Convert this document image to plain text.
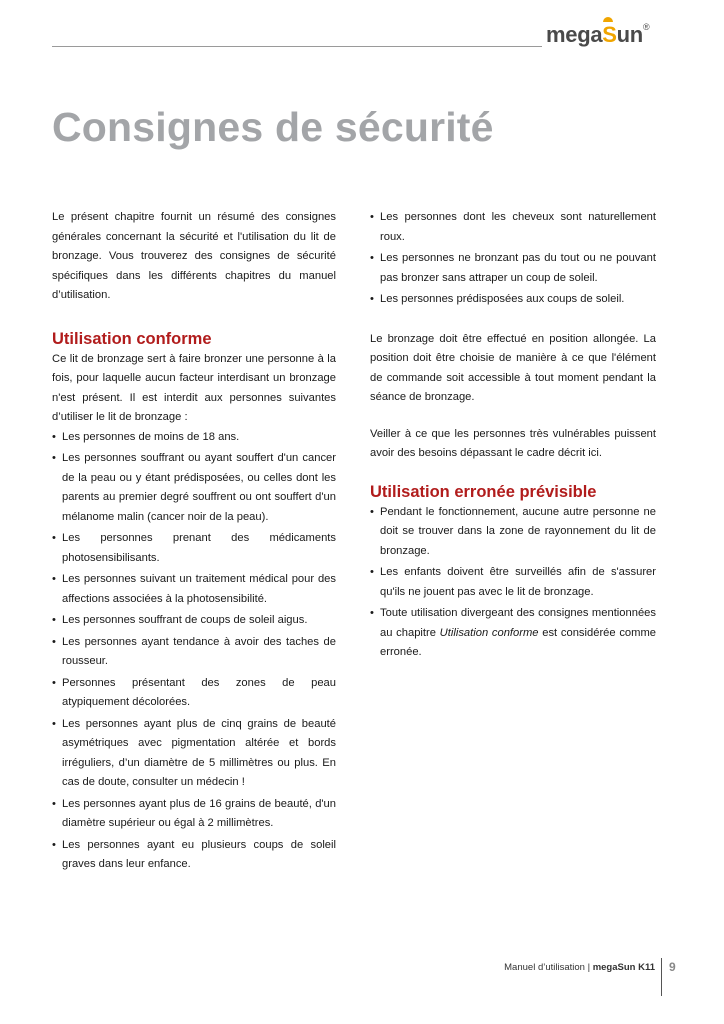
megaSun®
Consignes de sécurité

Le présent chapitre fournit un résumé des consignes générales concernant la sécurité et l'utilisation du lit de bronzage. Vous trouverez des consignes de sécurité spécifiques dans les différents chapitres du manuel d’utilisation.

Utilisation conforme

Ce lit de bronzage sert à faire bronzer une personne à la fois, pour laquelle aucun facteur interdisant un bronzage n'est présent. Il est interdit aux personnes suivantes d’utiliser le lit de bronzage :

• Les personnes de moins de 18 ans.
• Les personnes souffrant ou ayant souffert d'un cancer de la peau ou y étant prédisposées, ou celles dont les parents au premier degré souffrent ou ont souffert d'un mélanome malin (cancer noir de la peau).
• Les personnes prenant des médicaments photosensibilisants.
• Les personnes suivant un traitement médical pour des affections associées à la photosensibilité.
• Les personnes souffrant de coups de soleil aigus.
• Les personnes ayant tendance à avoir des taches de rousseur.
• Personnes présentant des zones de peau atypiquement décolorées.
• Les personnes ayant plus de cinq grains de beauté asymétriques avec pigmentation altérée et bords irréguliers, d’un diamètre de 5 millimètres ou plus. En cas de doute, consulter un médecin !
• Les personnes ayant plus de 16 grains de beauté, d'un diamètre supérieur ou égal à 2 millimètres.
• Les personnes ayant eu plusieurs coups de soleil graves dans leur enfance.
• Les personnes dont les cheveux sont naturellement roux.
• Les personnes ne bronzant pas du tout ou ne pouvant pas bronzer sans attraper un coup de soleil.
• Les personnes prédisposées aux coups de soleil.

Le bronzage doit être effectué en position allongée. La position doit être choisie de manière à ce que l'élément de commande soit accessible à tout moment pendant la séance de bronzage.

Veiller à ce que les personnes très vulnérables puissent avoir des besoins dépassant le cadre décrit ici.

Utilisation erronée prévisible
• Pendant le fonctionnement, aucune autre personne ne doit se trouver dans la zone de rayonnement du lit de bronzage.
• Les enfants doivent être surveillés afin de s'assurer qu'ils ne jouent pas avec le lit de bronzage.
• Toute utilisation divergeant des consignes mentionnées au chapitre Utilisation conforme est considérée comme erronée.
Manuel d’utilisation | megaSun K11 9
